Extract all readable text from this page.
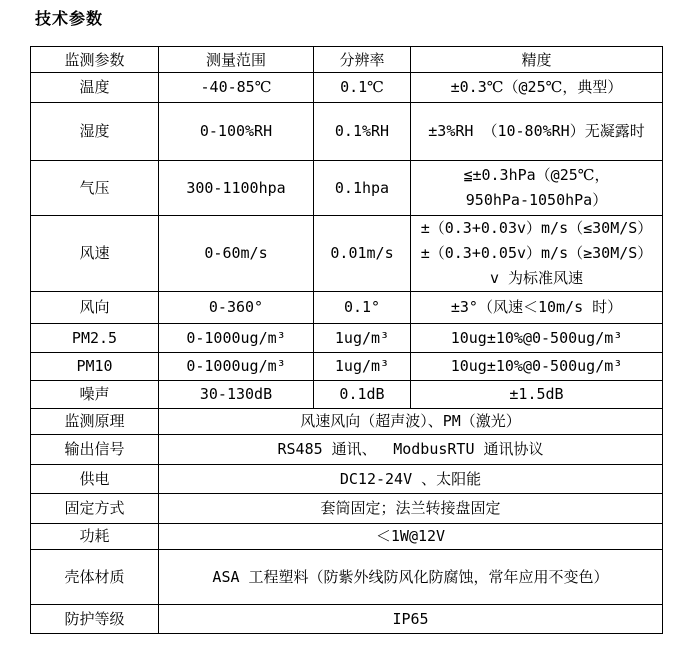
技术参数
监测参数	测量范围	分辨率	精度

温度	-40-85℃	0.1℃	±0.3℃（@25℃，典型）

湿度	0-100%RH	0.1%RH	±3%RH （10-80%RH）无凝露时

气压	300-1100hpa	0.1hpa	≦±0.3hPa（@25℃，
950hPa-1050hPa）

风速	0-60m/s	0.01m/s	±（0.3+0.03v）m/s（≤30M/S）
±（0.3+0.05v）m/s（≥30M/S）
v 为标准风速

风向	0-360°	0.1°	±3°（风速＜10m/s 时）

PM2.5	0-1000ug/m³	1ug/m³	10ug±10%@0-500ug/m³

PM10	0-1000ug/m³	1ug/m³	10ug±10%@0-500ug/m³

噪声	30-130dB	0.1dB	±1.5dB

监测原理	风速风向（超声波）、PM（激光）		

输出信号	RS485 通讯、　 ModbusRTU 通讯协议		

供电	DC12-24V 、太阳能		

固定方式	套筒固定；法兰转接盘固定		

功耗	＜1W@12V		

壳体材质	ASA 工程塑料（防紫外线防风化防腐蚀，常年应用不变色）		

防护等级	IP65		
